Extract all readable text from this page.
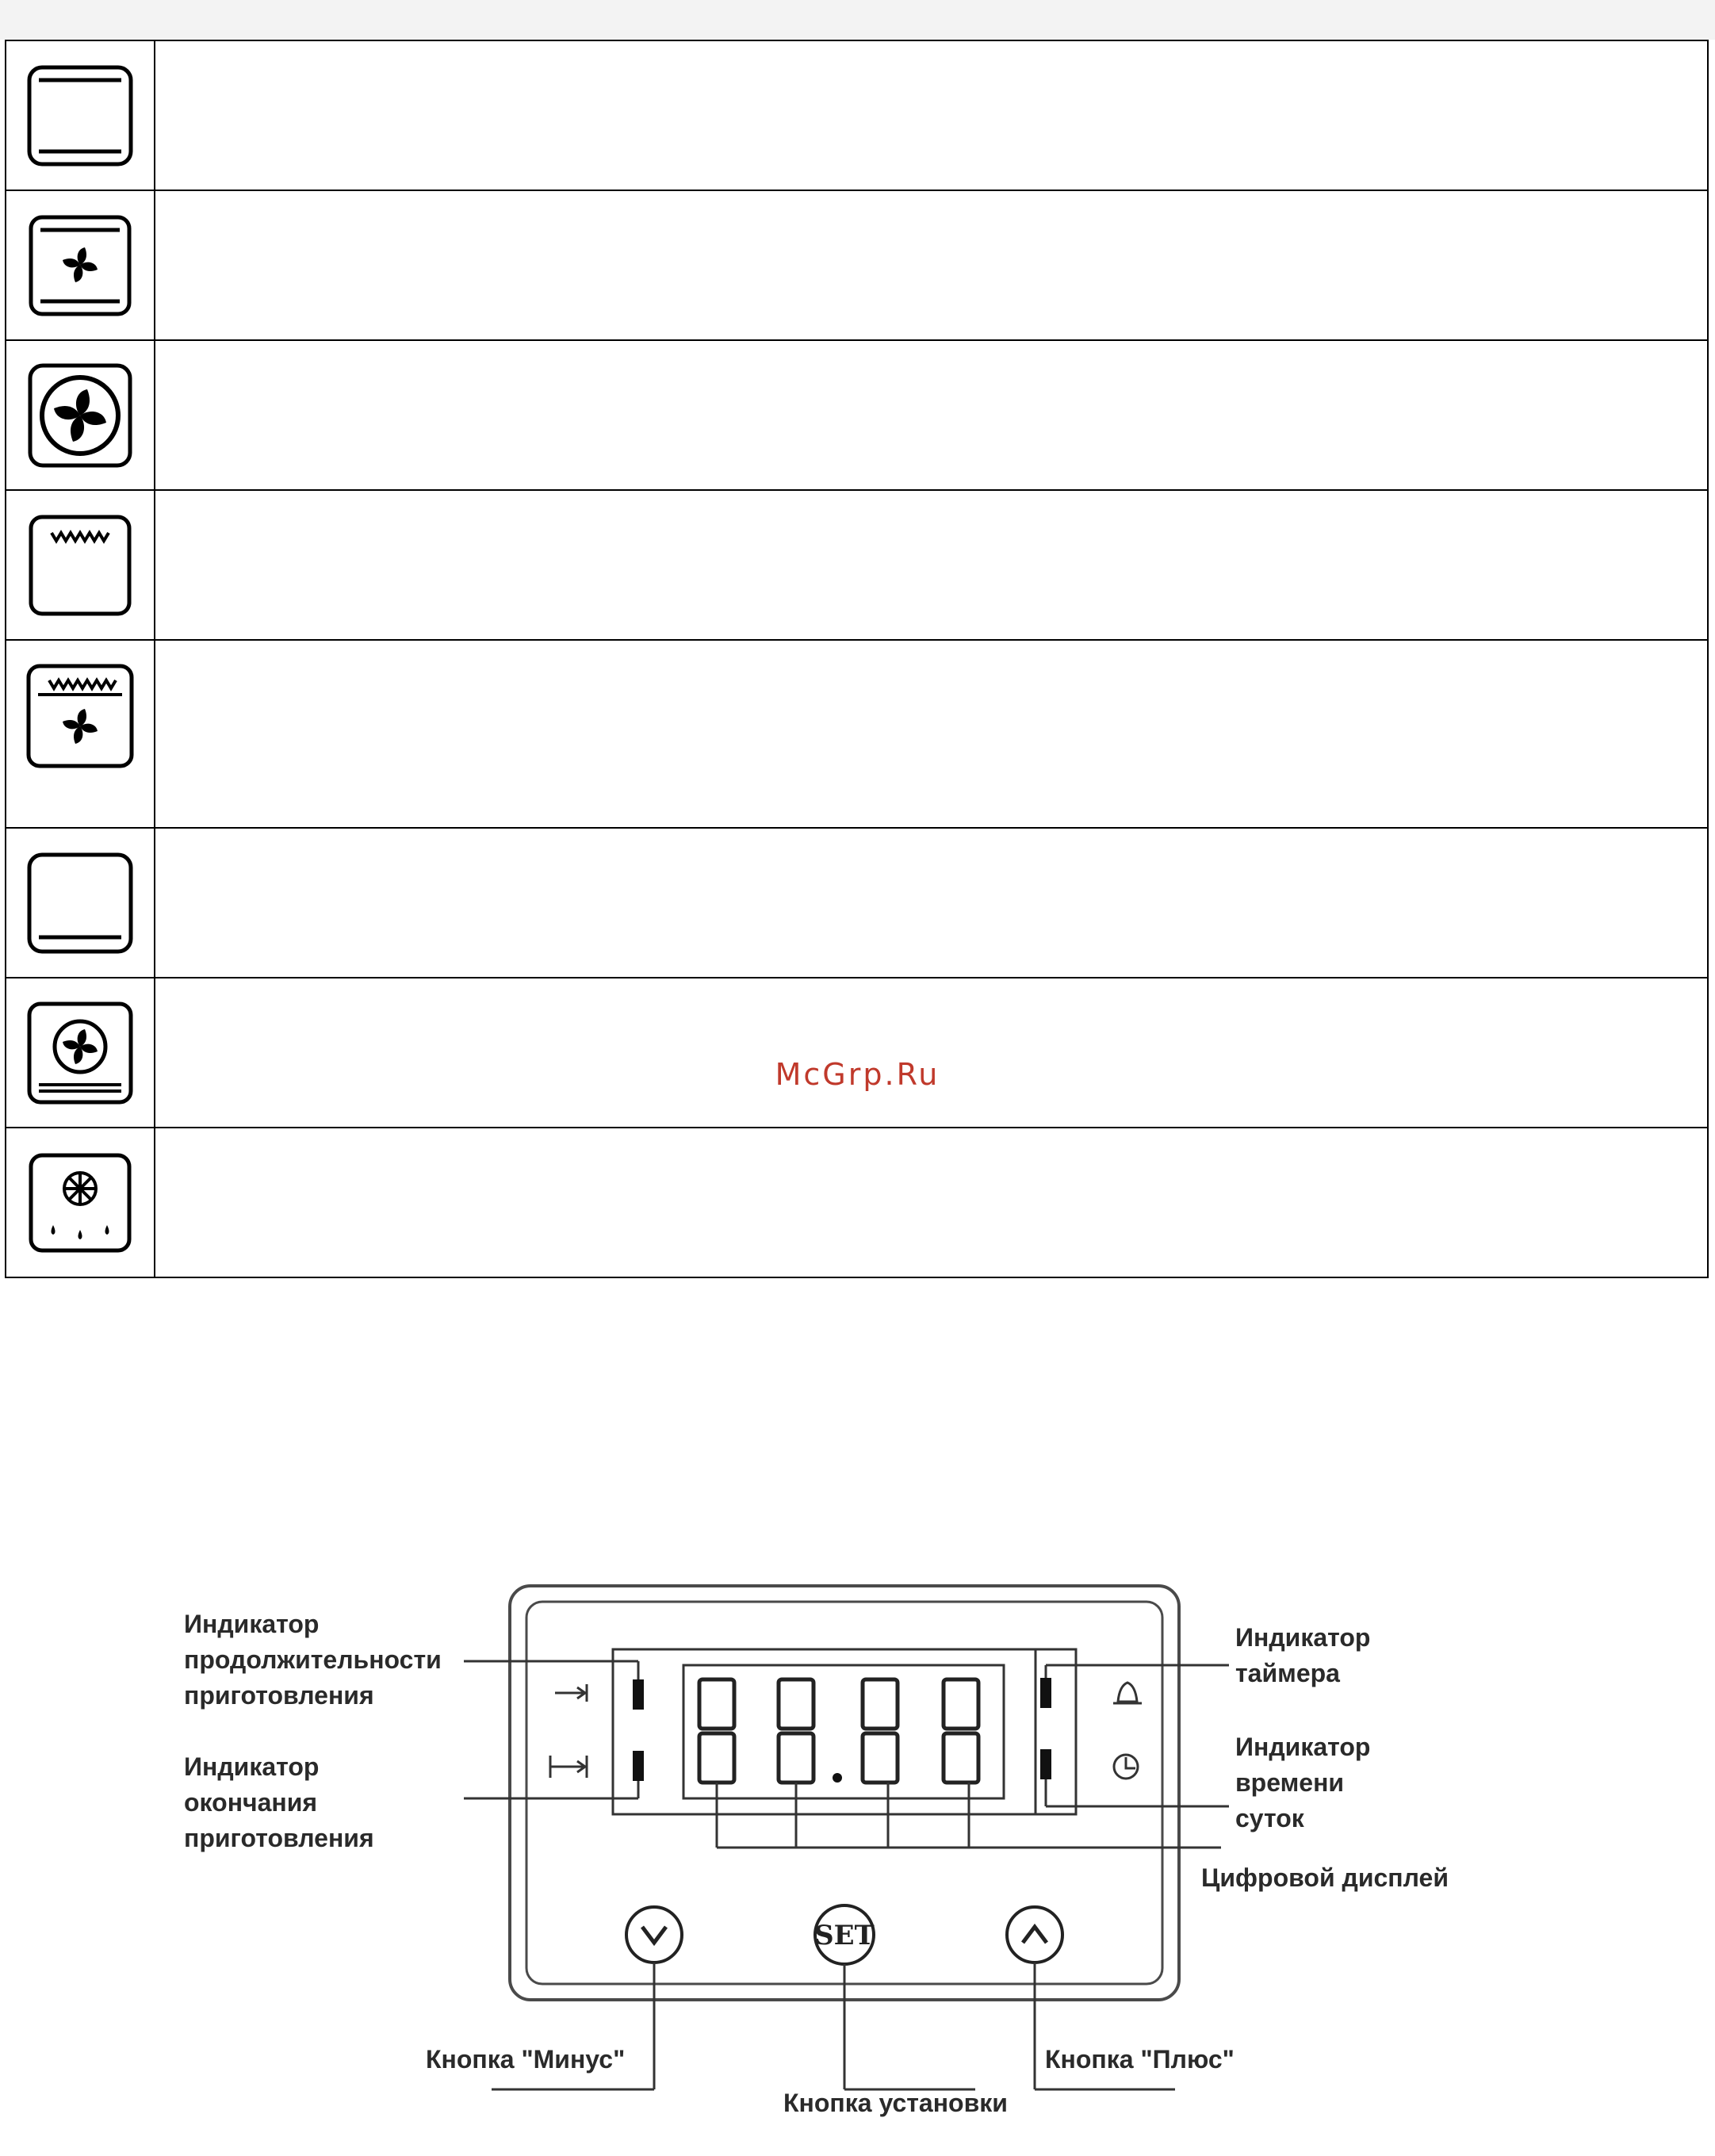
McGrp.Ru
88.88
SET
Индикатор
продолжительности
приготовления
Индикатор
окончания
приготовления
Индикатор
таймера
Индикатор
времени
суток
Цифровой дисплей
Кнопка "Минус"
Кнопка установки
Кнопка "Плюс"
